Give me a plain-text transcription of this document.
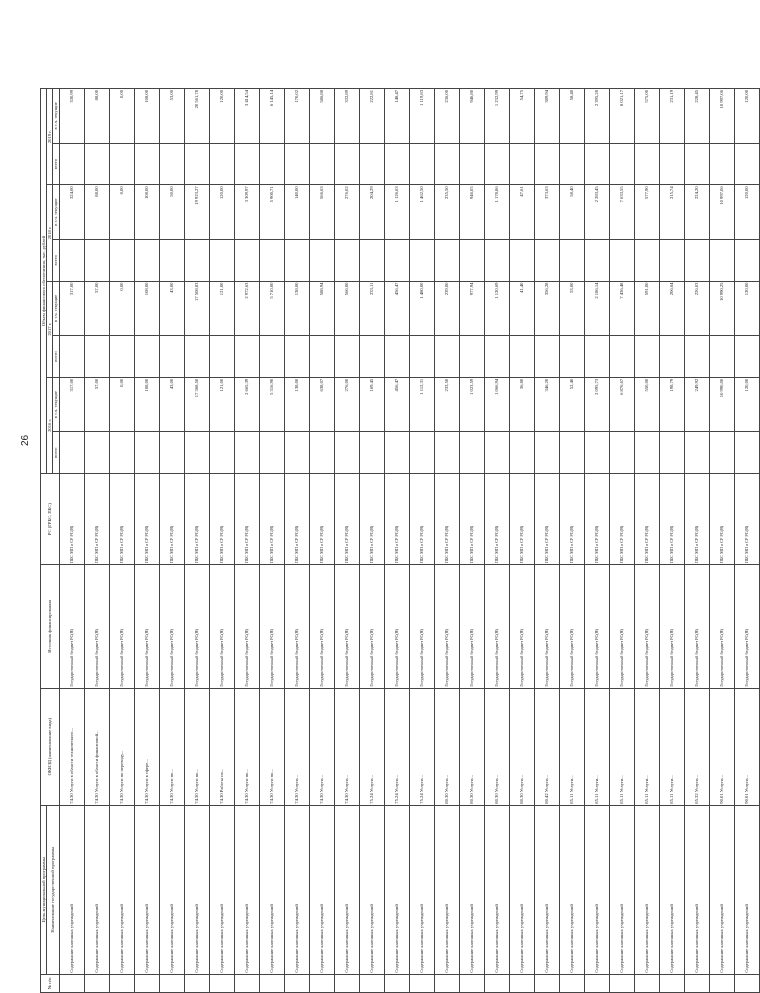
26
№ п/п	Цель муниципальной программы	ОКВЭД (наименование вида)	Источник финансирования	РС (ГРБС, ПБС)	Объем финансового обеспечения, тыс. рублей							
	Наименование государственной программы				2016 г.		2017 г.		2018 г.		2019 г.	
					всего	в т.ч. текущие	всего	в т.ч. текущие	всего	в т.ч. текущие	всего	в т.ч. текущие
	Содержание казенных учреждений	74.30 Услуги в области технического...	Государственный бюджет РС(Я)	ПБС МП и СР РС(Я)		317,00		317,00		324,00		330,99
	Содержание казенных учреждений	74.30 Услуги в области финансовой...	Государственный бюджет РС(Я)	ПБС МП и СР РС(Я)		57,00		57,00		88,00		88,00
	Содержание казенных учреждений	74.30 Услуги по переводу...	Государственный бюджет РС(Я)	ПБС МП и СР РС(Я)		0,00		0,00		0,00		0,00
	Содержание казенных учреждений	74.30 Услуги в сфере...	Государственный бюджет РС(Я)	ПБС МП и СР РС(Я)		108,00		108,00		108,00		108,00
	Содержание казенных учреждений	74.30 Услуги по...	Государственный бюджет РС(Я)	ПБС МП и СР РС(Я)		43,00		43,00		50,00		53,00
	Содержание казенных учреждений	74.30 Услуги по...	Государственный бюджет РС(Я)	ПБС МП и СР РС(Я)		17 368,50		17 508,83		19 923,27		20 561,78
	Содержание казенных учреждений	74.30 Работы по...	Государственный бюджет РС(Я)	ПБС МП и СР РС(Я)		121,00		121,00		120,00		120,00
	Содержание казенных учреждений	74.30 Услуги по...	Государственный бюджет РС(Я)	ПБС МП и СР РС(Я)		2 665,39		2 972,63		3 309,97		3 414,54
	Содержание казенных учреждений	74.30 Услуги по...	Государственный бюджет РС(Я)	ПБС МП и СР РС(Я)		5 316,90		5 710,00		5 900,71		6 145,14
	Содержание казенных учреждений	74.30 Услуги...	Государственный бюджет РС(Я)	ПБС МП и СР РС(Я)		138,00		138,00		140,00		170,02
	Содержание казенных учреждений	74.30 Услуги...	Государственный бюджет РС(Я)	ПБС МП и СР РС(Я)		638,07		588,94		566,63		586,88
	Содержание казенных учреждений	74.30 Услуги...	Государственный бюджет РС(Я)	ПБС МП и СР РС(Я)		276,00		566,00		276,02		332,89
	Содержание казенных учреждений	75.24 Услуги...	Государственный бюджет РС(Я)	ПБС МП и СР РС(Я)		169,45		233,11		204,29		222,81
	Содержание казенных учреждений	75.24 Услуги...	Государственный бюджет РС(Я)	ПБС МП и СР РС(Я)		456,47		456,47		1 126,63		148,47
	Содержание казенных учреждений	75.24 Услуги...	Государственный бюджет РС(Я)	ПБС МП и СР РС(Я)		1 112,31		1 480,00		1 462,50		1 119,83
	Содержание казенных учреждений	80.30 Услуги...	Государственный бюджет РС(Я)	ПБС МП и СР РС(Я)		233,50		239,00		235,50		236,00
	Содержание казенных учреждений	80.30 Услуги...	Государственный бюджет РС(Я)	ПБС МП и СР РС(Я)		1 023,59		977,94		946,05		946,80
	Содержание казенных учреждений	80.30 Услуги...	Государственный бюджет РС(Я)	ПБС МП и СР РС(Я)		1 066,94		1 120,69		1 178,86		1 232,99
	Содержание казенных учреждений	80.30 Услуги...	Государственный бюджет РС(Я)	ПБС МП и СР РС(Я)		36,80		41,40		47,61		54,75
	Содержание казенных учреждений	80.42 Услуги...	Государственный бюджет РС(Я)	ПБС МП и СР РС(Я)		346,20		356,28		373,63		389,94
	Содержание казенных учреждений	85.11 Услуги...	Государственный бюджет РС(Я)	ПБС МП и СР РС(Я)		52,40		53,00		58,40		58,40
	Содержание казенных учреждений	85.11 Услуги...	Государственный бюджет РС(Я)	ПБС МП и СР РС(Я)		2 095,73		2 186,14		2 283,45		2 395,28
	Содержание казенных учреждений	85.11 Услуги...	Государственный бюджет РС(Я)	ПБС МП и СР РС(Я)		6 876,67		7 436,48		7 633,55		8 021,17
	Содержание казенных учреждений	85.11 Услуги...	Государственный бюджет РС(Я)	ПБС МП и СР РС(Я)		550,00		591,00		577,90		575,00
	Содержание казенных учреждений	85.11 Услуги...	Государственный бюджет РС(Я)	ПБС МП и СР РС(Я)		198,79		206,64		215,74		231,19
	Содержание казенных учреждений	85.32 Услуги...	Государственный бюджет РС(Я)	ПБС МП и СР РС(Я)		249,92		226,03		224,20		228,45
	Содержание казенных учреждений	90.01 Услуги...	Государственный бюджет РС(Я)	ПБС МП и СР РС(Я)		10 990,00		10 990,25		10 997,06		10 997,06
	Содержание казенных учреждений	90.01 Услуги...	Государственный бюджет РС(Я)	ПБС МП и СР РС(Я)		120,00		120,00		120,00		120,00
